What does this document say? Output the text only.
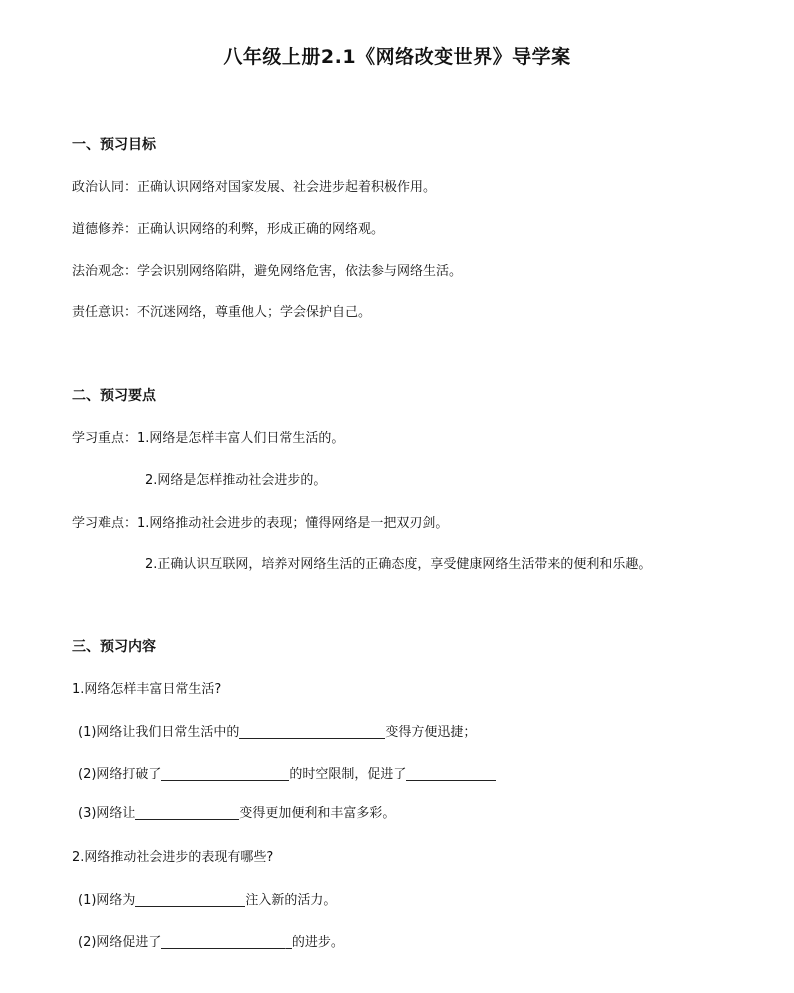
八年级上册2.1《网络改变世界》导学案
一、预习目标
政治认同：正确认识网络对国家发展、社会进步起着积极作用。
道德修养：正确认识网络的利弊，形成正确的网络观。
法治观念：学会识别网络陷阱，避免网络危害，依法参与网络生活。
责任意识：不沉迷网络，尊重他人；学会保护自己。
二、预习要点
学习重点：1.网络是怎样丰富人们日常生活的。
2.网络是怎样推动社会进步的。
学习难点：1.网络推动社会进步的表现；懂得网络是一把双刃剑。
2.正确认识互联网，培养对网络生活的正确态度，享受健康网络生活带来的便利和乐趣。
三、预习内容
1.网络怎样丰富日常生活?
(1)网络让我们日常生活中的	变得方便迅捷；
(2)网络打破了	的时空限制，促进了
(3)网络让	变得更加便利和丰富多彩。
2.网络推动社会进步的表现有哪些?
(1)网络为	注入新的活力。
(2)网络促进了	_的进步。
